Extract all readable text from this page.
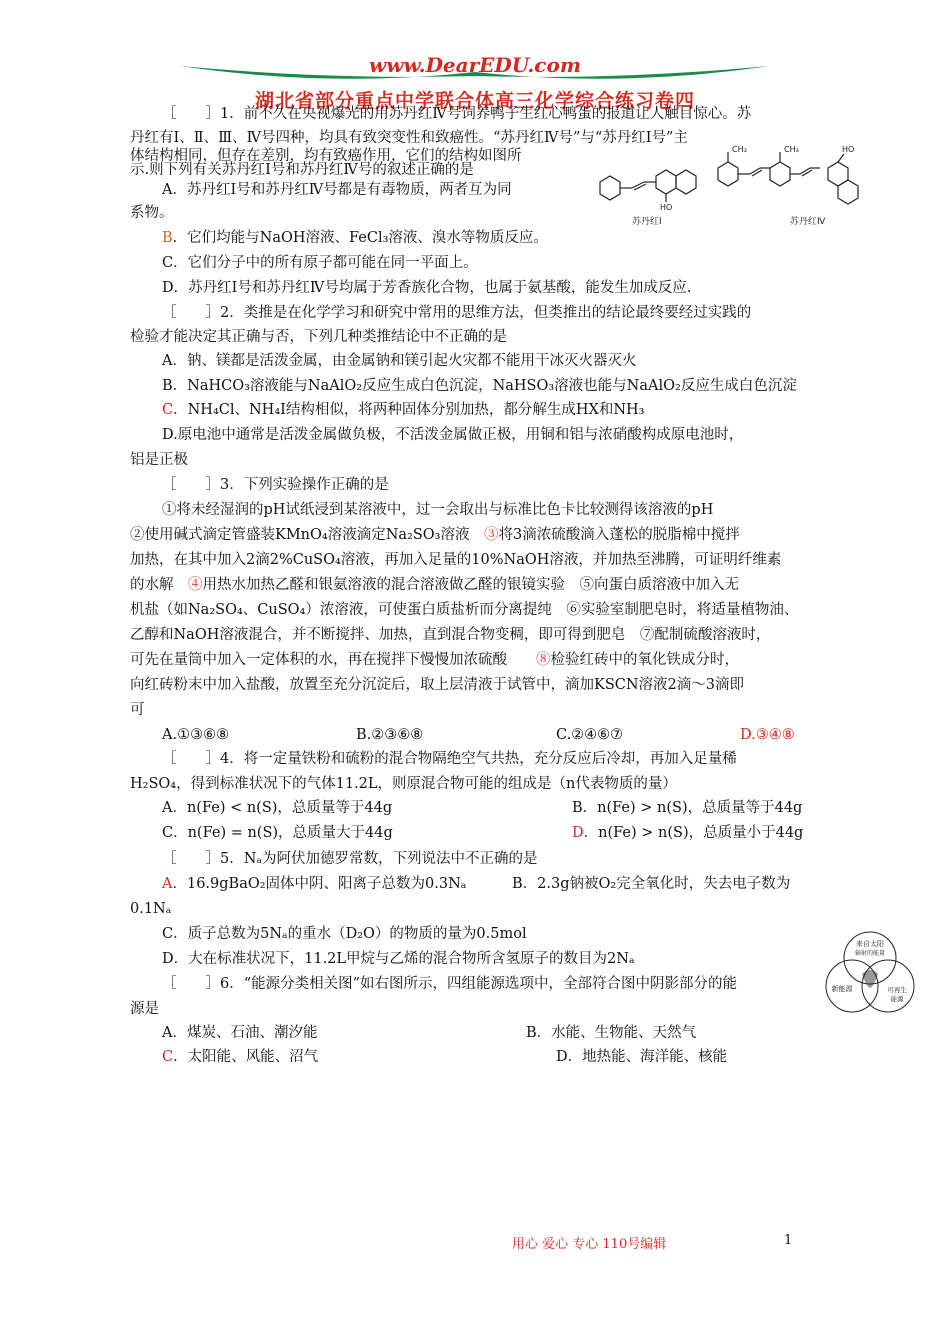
www.DearEDU.com
湖北省部分重点中学联合体高三化学综合练习卷四
CH₃	CH₃	HO
HO
苏丹红Ⅰ	苏丹红Ⅳ
来自太阳
辐射的能量
新能源	可再生
能源
［　　］1．前不久在央视爆光的用苏丹红Ⅳ号饲养鸭子生红心鸭蛋的报道让人触目惊心。苏
丹红有Ⅰ、Ⅱ、Ⅲ、Ⅳ号四种，均具有致突变性和致癌性。“苏丹红Ⅳ号”与“苏丹红Ⅰ号”主
体结构相同，但存在差别，均有致癌作用，它们的结构如图所
示.则下列有关苏丹红Ⅰ号和苏丹红Ⅳ号的叙述正确的是
A．苏丹红Ⅰ号和苏丹红Ⅳ号都是有毒物质，两者互为同
系物。
B．它们均能与NaOH溶液、FeCl₃溶液、溴水等物质反应。
C．它们分子中的所有原子都可能在同一平面上。
D．苏丹红Ⅰ号和苏丹红Ⅳ号均属于芳香族化合物，也属于氨基酸，能发生加成反应.
［　　］2．类推是在化学学习和研究中常用的思维方法，但类推出的结论最终要经过实践的
检验才能决定其正确与否，下列几种类推结论中不正确的是
A．钠、镁都是活泼金属，由金属钠和镁引起火灾都不能用干冰灭火器灭火
B．NaHCO₃溶液能与NaAlO₂反应生成白色沉淀，NaHSO₃溶液也能与NaAlO₂反应生成白色沉淀
C．NH₄Cl、NH₄I结构相似，将两种固体分别加热，都分解生成HX和NH₃
D.原电池中通常是活泼金属做负极，不活泼金属做正极，用铜和铝与浓硝酸构成原电池时，
铝是正极
［　　］3．下列实验操作正确的是
①将未经湿润的pH试纸浸到某溶液中，过一会取出与标准比色卡比较测得该溶液的pH
②使用碱式滴定管盛装KMnO₄溶液滴定Na₂SO₃溶液　 ③将3滴浓硫酸滴入蓬松的脱脂棉中搅拌
加热，在其中加入2滴2%CuSO₄溶液，再加入足量的10%NaOH溶液，并加热至沸腾，可证明纤维素
的水解　 ④用热水加热乙醛和银氨溶液的混合溶液做乙醛的银镜实验　⑤向蛋白质溶液中加入无
机盐（如Na₂SO₄、CuSO₄）浓溶液，可使蛋白质盐析而分离提纯　⑥实验室制肥皂时，将适量植物油、
乙醇和NaOH溶液混合，并不断搅拌、加热，直到混合物变稠，即可得到肥皂　⑦配制硫酸溶液时，
可先在量筒中加入一定体积的水，再在搅拌下慢慢加浓硫酸　　 ⑧检验红砖中的氧化铁成分时，
向红砖粉末中加入盐酸，放置至充分沉淀后，取上层清液于试管中，滴加KSCN溶液2滴～3滴即
可
A.①③⑥⑧	B.②③⑥⑧	C.②④⑥⑦	D.③④⑧
［　　］4．将一定量铁粉和硫粉的混合物隔绝空气共热，充分反应后冷却，再加入足量稀
H₂SO₄，得到标准状况下的气体11.2L，则原混合物可能的组成是（n代表物质的量）
A．n(Fe) < n(S)，总质量等于44g	B．n(Fe) > n(S)，总质量等于44g
C．n(Fe) = n(S)，总质量大于44g	D．n(Fe) > n(S)，总质量小于44g
［　　］5．Nₐ为阿伏加德罗常数，下列说法中不正确的是
A．16.9gBaO₂固体中阴、阳离子总数为0.3Nₐ	B．2.3g钠被O₂完全氧化时，失去电子数为
0.1Nₐ
C．质子总数为5Nₐ的重水（D₂O）的物质的量为0.5mol
D．大在标准状况下，11.2L甲烷与乙烯的混合物所含氢原子的数目为2Nₐ
［　　］6．“能源分类相关图”如右图所示，四组能源选项中，全部符合图中阴影部分的能
源是
A．煤炭、石油、潮汐能	B．水能、生物能、天然气
C．太阳能、风能、沼气	D．地热能、海洋能、核能
用心 爱心 专心 110号编辑	1
